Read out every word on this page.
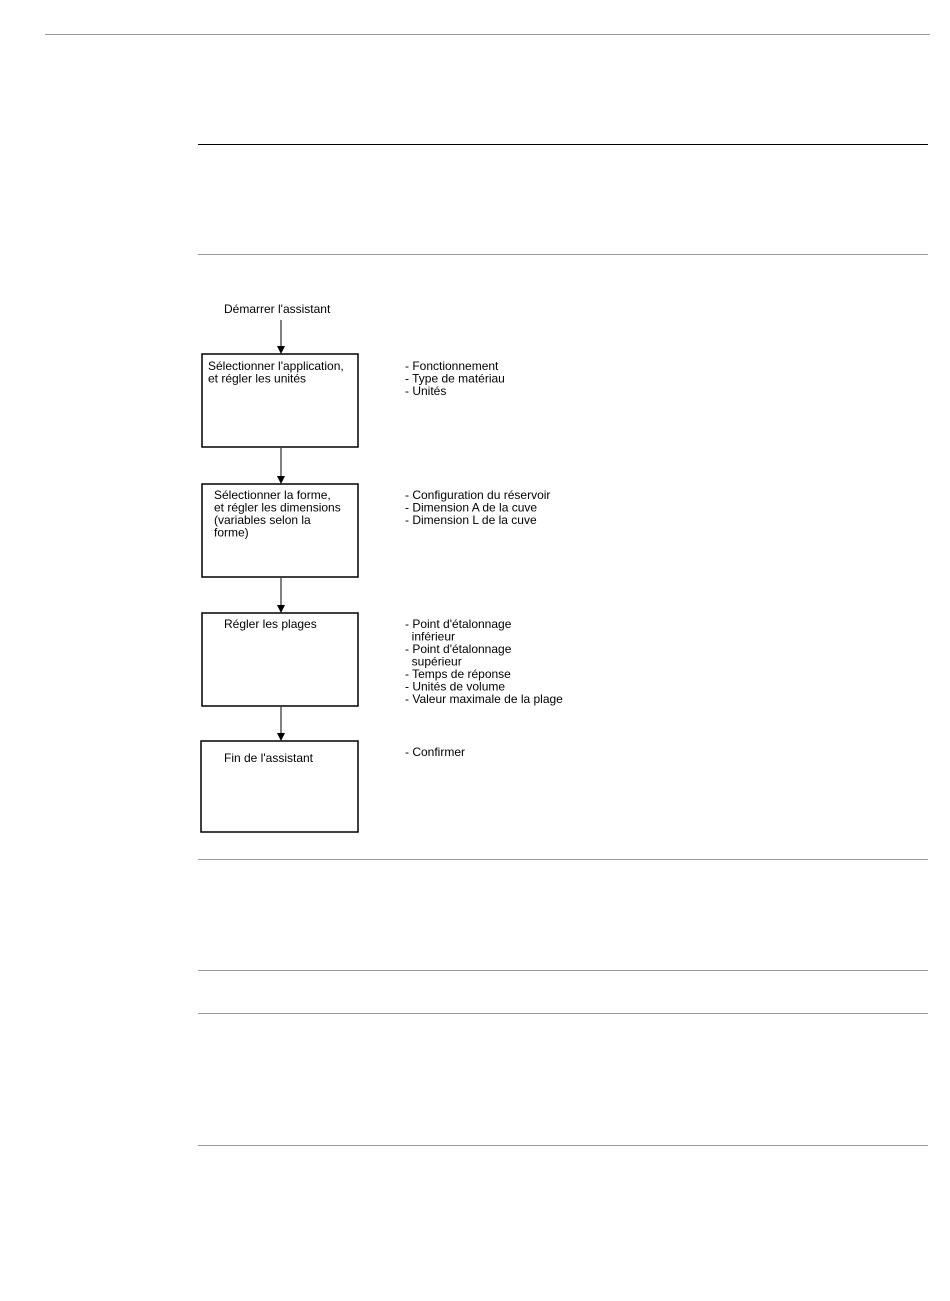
Démarrer l'assistant
Sélectionner l'application, et régler les unités
- Fonctionnement - Type de matériau - Unités
Sélectionner la forme, et régler les dimensions (variables selon la forme)
- Configuration du réservoir - Dimension A de la cuve - Dimension L de la cuve
Régler les plages	- Point d'étalonnage       inférieur - Point d'étalonnage       supérieur - Temps de réponse - Unités de volume - Valeur maximale de la plage
Fin de l'assistant	- Confirmer
